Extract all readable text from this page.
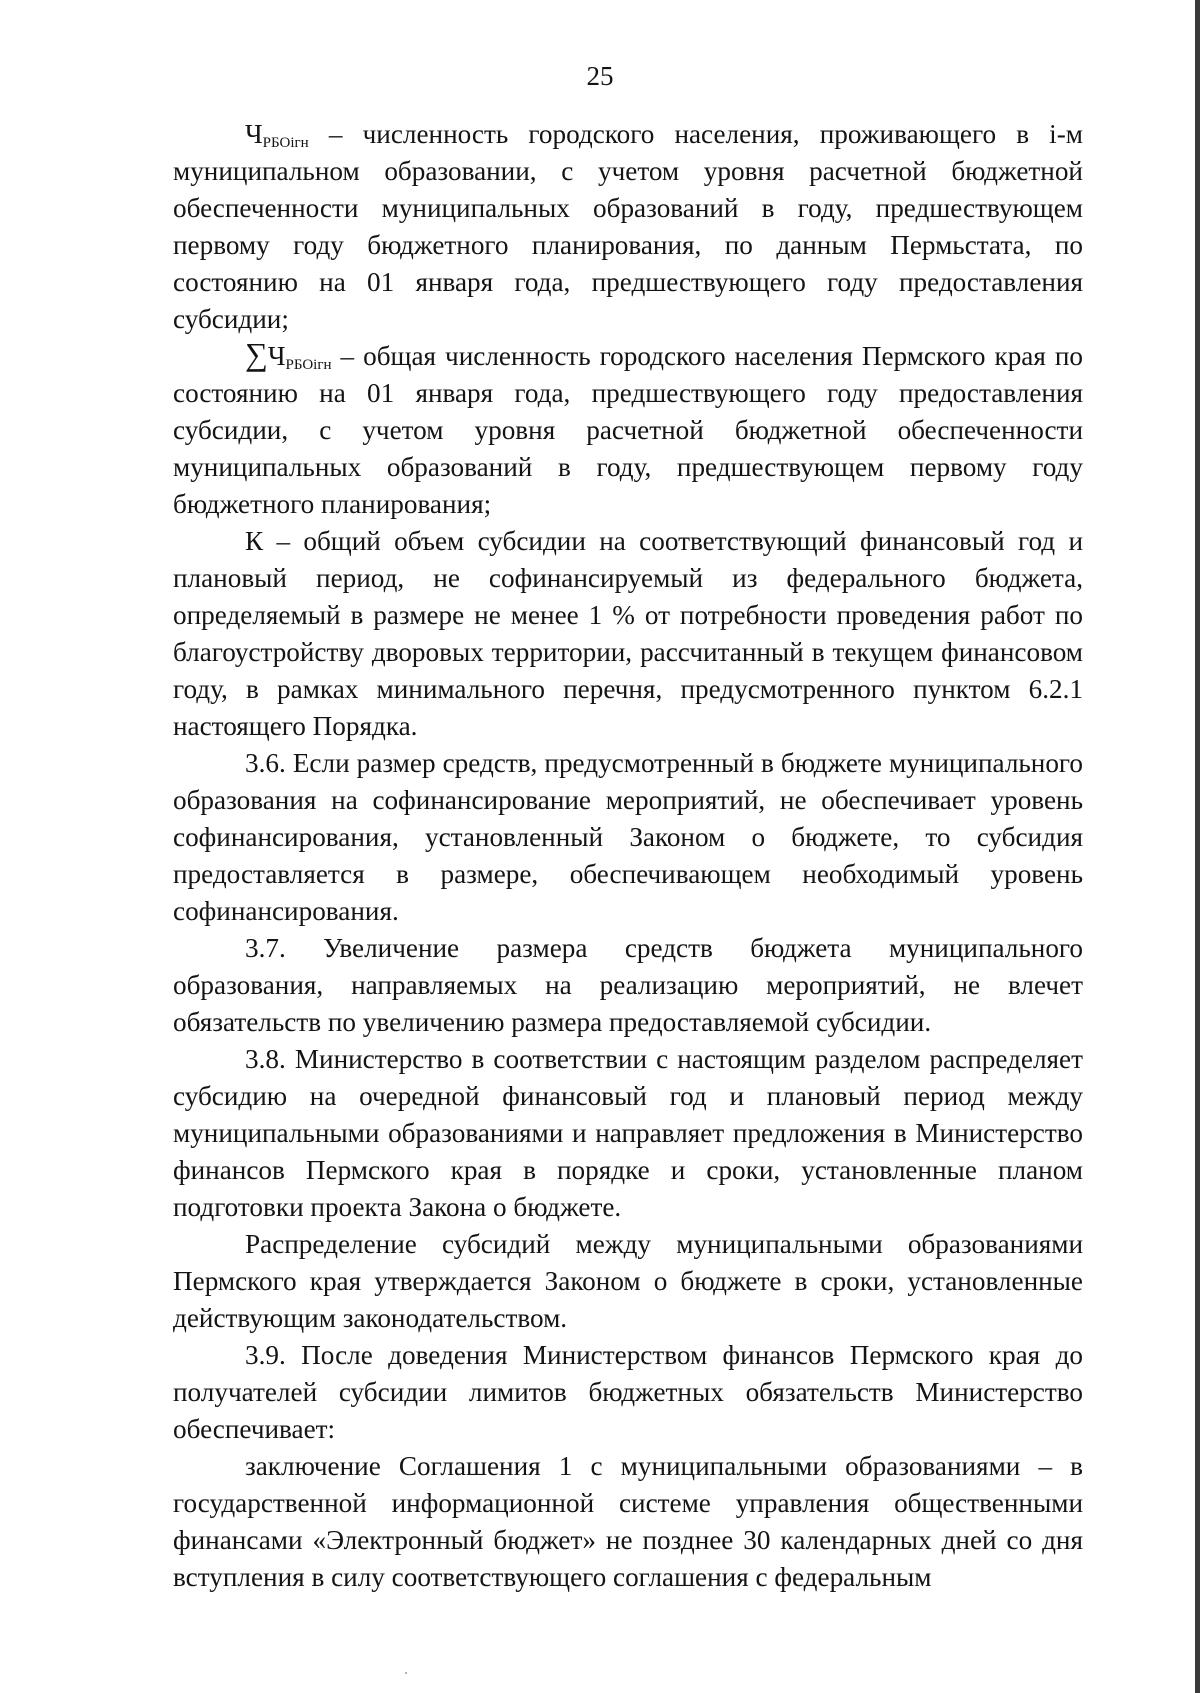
25

$Ч_{РБОiгн}$ – численность городского населения, проживающего в i-м муниципальном образовании, с учетом уровня расчетной бюджетной обеспеченности муниципальных образований в году, предшествующем первому году бюджетного планирования, по данным Пермьстата, по состоянию на 01 января года, предшествующего году предоставления субсидии;

$\sum Ч_{РБОiгн}$ – общая численность городского населения Пермского края по состоянию на 01 января года, предшествующего году предоставления субсидии, с учетом уровня расчетной бюджетной обеспеченности муниципальных образований в году, предшествующем первому году бюджетного планирования;

К – общий объем субсидии на соответствующий финансовый год и плановый период, не софинансируемый из федерального бюджета, определяемый в размере не менее 1 % от потребности проведения работ по благоустройству дворовых территории, рассчитанный в текущем финансовом году, в рамках минимального перечня, предусмотренного пунктом 6.2.1 настоящего Порядка.

3.6. Если размер средств, предусмотренный в бюджете муниципального образования на софинансирование мероприятий, не обеспечивает уровень софинансирования, установленный Законом о бюджете, то субсидия предоставляется в размере, обеспечивающем необходимый уровень софинансирования.

3.7. Увеличение размера средств бюджета муниципального образования, направляемых на реализацию мероприятий, не влечет обязательств по увеличению размера предоставляемой субсидии.

3.8. Министерство в соответствии с настоящим разделом распределяет субсидию на очередной финансовый год и плановый период между муниципальными образованиями и направляет предложения в Министерство финансов Пермского края в порядке и сроки, установленные планом подготовки проекта Закона о бюджете.

Распределение субсидий между муниципальными образованиями Пермского края утверждается Законом о бюджете в сроки, установленные действующим законодательством.

3.9. После доведения Министерством финансов Пермского края до получателей субсидии лимитов бюджетных обязательств Министерство обеспечивает:

заключение Соглашения 1 с муниципальными образованиями – в государственной информационной системе управления общественными финансами «Электронный бюджет» не позднее 30 календарных дней со дня вступления в силу соответствующего соглашения с федеральным
